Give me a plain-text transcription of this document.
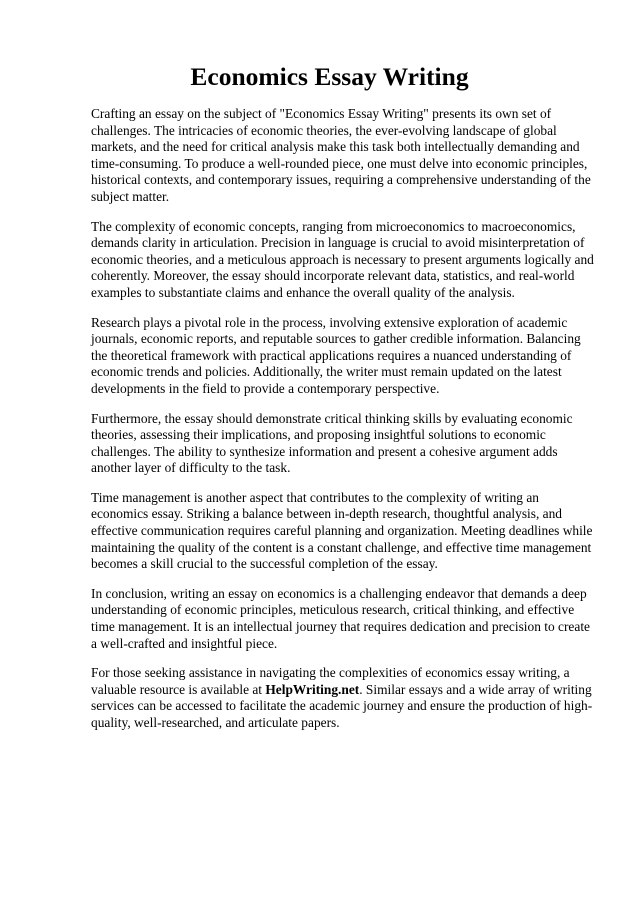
Economics Essay Writing

Crafting an essay on the subject of "Economics Essay Writing" presents its own set of challenges. The intricacies of economic theories, the ever-evolving landscape of global markets, and the need for critical analysis make this task both intellectually demanding and time-consuming. To produce a well-rounded piece, one must delve into economic principles, historical contexts, and contemporary issues, requiring a comprehensive understanding of the subject matter.

The complexity of economic concepts, ranging from microeconomics to macroeconomics, demands clarity in articulation. Precision in language is crucial to avoid misinterpretation of economic theories, and a meticulous approach is necessary to present arguments logically and coherently. Moreover, the essay should incorporate relevant data, statistics, and real-world examples to substantiate claims and enhance the overall quality of the analysis.

Research plays a pivotal role in the process, involving extensive exploration of academic journals, economic reports, and reputable sources to gather credible information. Balancing the theoretical framework with practical applications requires a nuanced understanding of economic trends and policies. Additionally, the writer must remain updated on the latest developments in the field to provide a contemporary perspective.

Furthermore, the essay should demonstrate critical thinking skills by evaluating economic theories, assessing their implications, and proposing insightful solutions to economic challenges. The ability to synthesize information and present a cohesive argument adds another layer of difficulty to the task.

Time management is another aspect that contributes to the complexity of writing an economics essay. Striking a balance between in-depth research, thoughtful analysis, and effective communication requires careful planning and organization. Meeting deadlines while maintaining the quality of the content is a constant challenge, and effective time management becomes a skill crucial to the successful completion of the essay.

In conclusion, writing an essay on economics is a challenging endeavor that demands a deep understanding of economic principles, meticulous research, critical thinking, and effective time management. It is an intellectual journey that requires dedication and precision to create a well-crafted and insightful piece.

For those seeking assistance in navigating the complexities of economics essay writing, a valuable resource is available at HelpWriting.net. Similar essays and a wide array of writing services can be accessed to facilitate the academic journey and ensure the production of high-quality, well-researched, and articulate papers.
